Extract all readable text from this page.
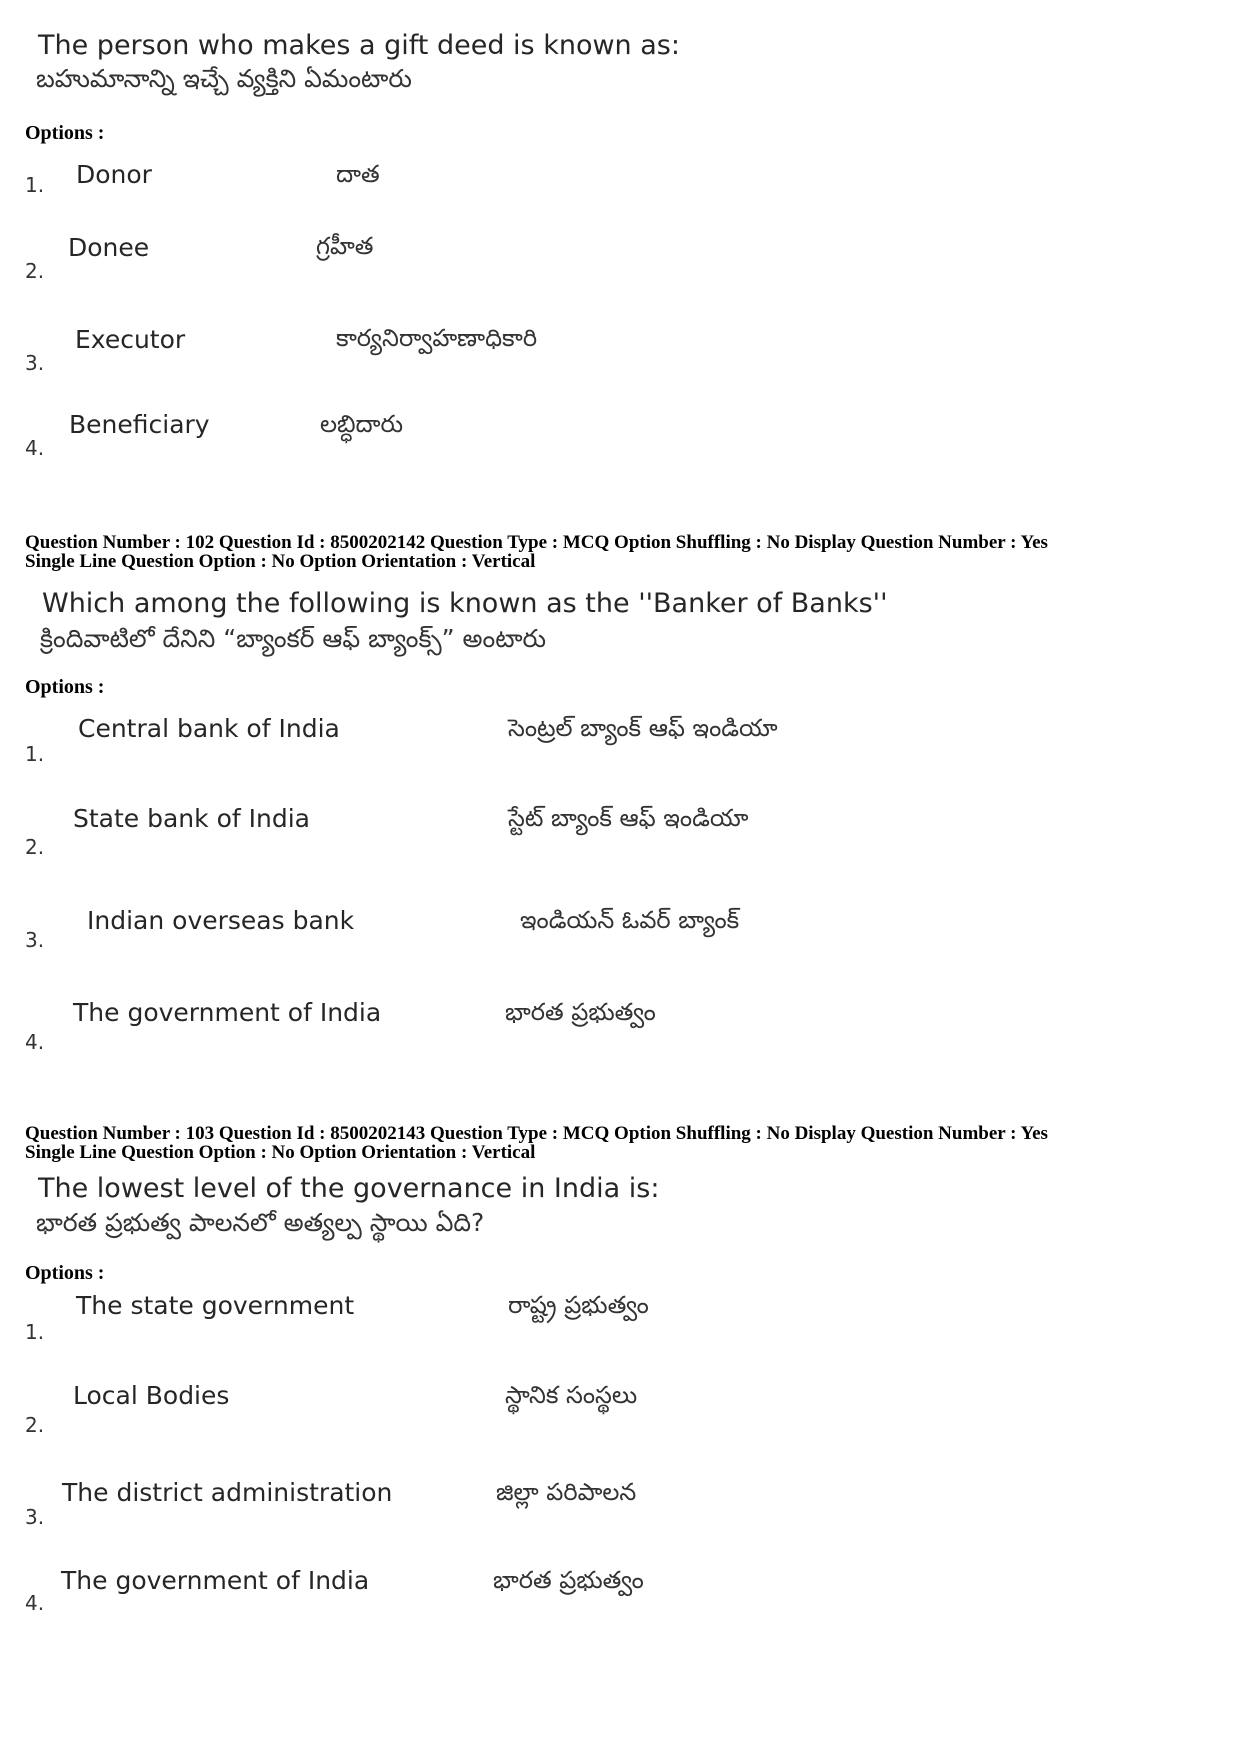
The person who makes a gift deed is known as:

బహుమానాన్ని ఇచ్చే వ్యక్తిని ఏమంటారు

Options :

1. Donor	దాత
2.
Donee	గ్రహీత
3.
Executor	కార్యనిర్వాహణాధికారి
4.
Beneficiary	లబ్ధిదారు

Question Number : 102 Question Id : 8500202142 Question Type : MCQ Option Shuffling : No Display Question Number : Yes

Single Line Question Option : No Option Orientation : Vertical

Which among the following is known as the ''Banker of Banks''

క్రిందివాటిలో దేనిని “బ్యాంకర్ ఆఫ్ బ్యాంక్స్” అంటారు

Options :

1.
Central bank of India	సెంట్రల్ బ్యాంక్ ఆఫ్ ఇండియా
2.
State bank of India	స్టేట్ బ్యాంక్ ఆఫ్ ఇండియా
3.
Indian overseas bank	ఇండియన్ ఓవర్ బ్యాంక్
4.
The government of India	భారత ప్రభుత్వం

Question Number : 103 Question Id : 8500202143 Question Type : MCQ Option Shuffling : No Display Question Number : Yes

Single Line Question Option : No Option Orientation : Vertical

The lowest level of the governance in India is:

భారత ప్రభుత్వ పాలనలో అత్యల్ప స్థాయి ఏది?

Options :

1.
The state government	రాష్ట్ర ప్రభుత్వం
2.
Local Bodies	స్థానిక సంస్థలు
3.
The district administration	జిల్లా పరిపాలన
4.
The government of India	భారత ప్రభుత్వం
